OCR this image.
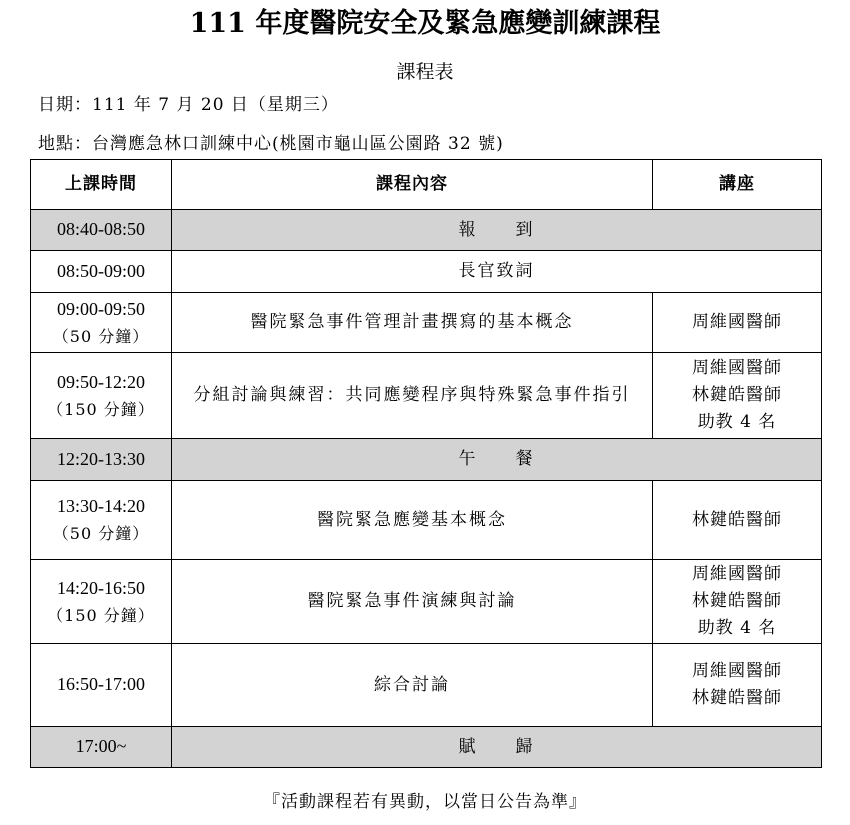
111 年度醫院安全及緊急應變訓練課程
課程表
日期：111 年 7 月 20 日（星期三）
地點：台灣應急林口訓練中心(桃園市龜山區公園路 32 號)
上課時間	課程內容	講座
08:40-08:50	報　　到	
08:50-09:00	長官致詞	

09:00-09:50
（50 分鐘）	醫院緊急事件管理計畫撰寫的基本概念	周維國醫師

09:50-12:20
（150 分鐘）	分組討論與練習：共同應變程序與特殊緊急事件指引	周維國醫師
林鍵皓醫師
助教 4 名

12:20-13:30	午　　餐	

13:30-14:20
（50 分鐘）	醫院緊急應變基本概念	林鍵皓醫師

14:20-16:50
（150 分鐘）	醫院緊急事件演練與討論	周維國醫師
林鍵皓醫師
助教 4 名

16:50-17:00	綜合討論	周維國醫師
林鍵皓醫師

17:00~	賦　　歸	
『活動課程若有異動，以當日公告為準』
